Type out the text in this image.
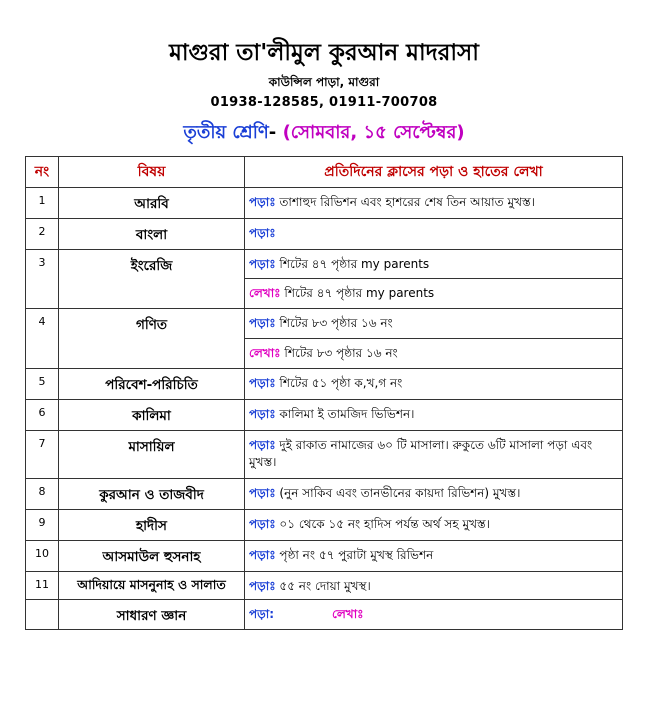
মাগুরা তা'লীমুল কুরআন মাদরাসা
কাউন্সিল পাড়া, মাগুরা
01938-128585, 01911-700708
তৃতীয় শ্রেণি- (সোমবার, ১৫ সেপ্টেম্বর)
নং	বিষয়	প্রতিদিনের ক্লাসের পড়া ও হাতের লেখা
1	আরবি	পড়াঃ তাশাহুদ রিভিশন এবং হাশরের শেষ তিন আয়াত মুখস্ত।
2	বাংলা	পড়াঃ
3	ইংরেজি	পড়াঃ শিটের ৪৭ পৃষ্ঠার my parents
		লেখাঃ শিটের ৪৭ পৃষ্ঠার my parents
4	গণিত	পড়াঃ শিটের ৮৩ পৃষ্ঠার ১৬ নং
		লেখাঃ শিটের ৮৩ পৃষ্ঠার ১৬ নং
5	পরিবেশ-পরিচিতি	পড়াঃ শিটের ৫১ পৃষ্ঠা ক,খ,গ নং
6	কালিমা	পড়াঃ কালিমা ই তামজিদ ভিভিশন।
7	মাসায়িল	পড়াঃ দুই রাকাত নামাজের ৬০ টি মাসালা। রুকুতে ৬টি মাসালা পড়া এবং মুখস্ত।
8	কুরআন ও তাজবীদ	পড়াঃ (নুন সাকিব এবং তানভীনের কায়দা রিভিশন) মুখস্ত।
9	হাদীস	পড়াঃ ০১ থেকে ১৫ নং হাদিস পর্যন্ত অর্থ সহ মুখস্ত।
10	আসমাউল হুসনাহ	পড়াঃ পৃষ্ঠা নং ৫৭ পুরাটা মুখস্থ রিভিশন
11	আদিয়ায়ে মাসনুনাহ ও সালাত	পড়াঃ ৫৫ নং দোয়া মুখস্থ।
	সাধারণ জ্ঞান	পড়া: লেখাঃ
